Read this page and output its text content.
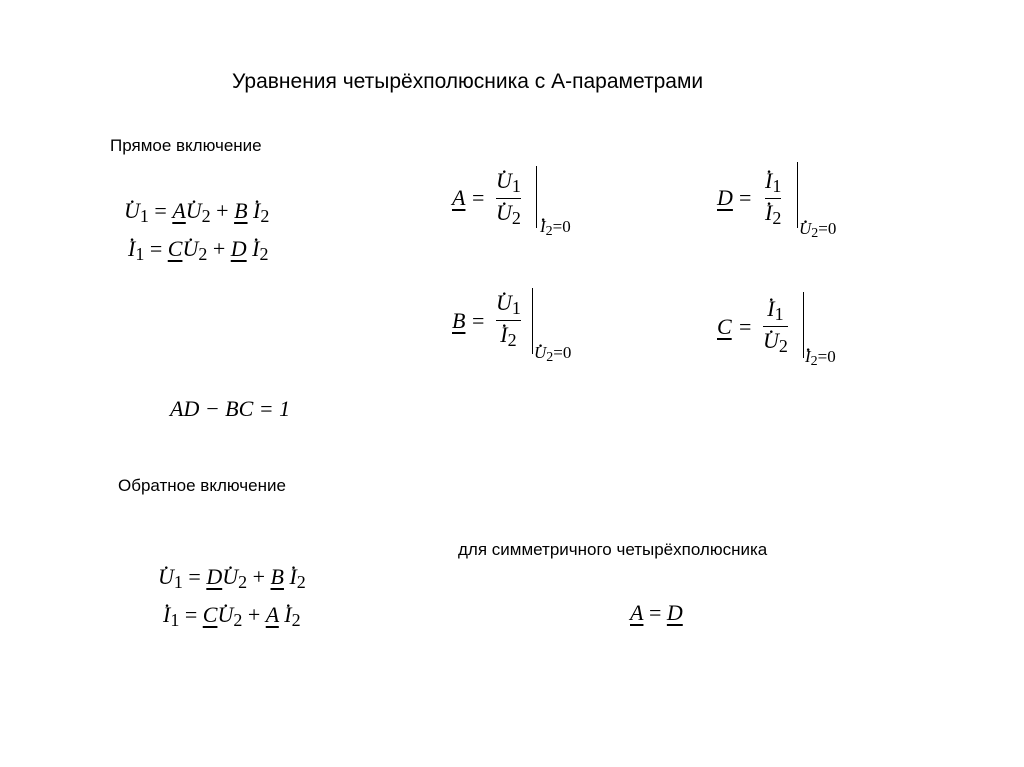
Уравнения четырёхполюсника с А-параметрами
Прямое включение
· $U_1 = A\cdot U_2 + B \cdot I_2$
· $I_1 = C\cdot U_2 + D \cdot I_2$
A =
· $U_1$
· $U_2$
· I2=0
D =
· $I_1$
· $I_2$
· U2=0
B =
· $U_1$
· $I_2$
· U2=0
C =
· $I_1$
· $U_2$
· I2=0
AD − BC = 1
Обратное включение
· $U_1 = D\cdot U_2 + B \cdot I_2$
· $I_1 = C\cdot U_2 + A \cdot I_2$
для симметричного четырёхполюсника
A = D
